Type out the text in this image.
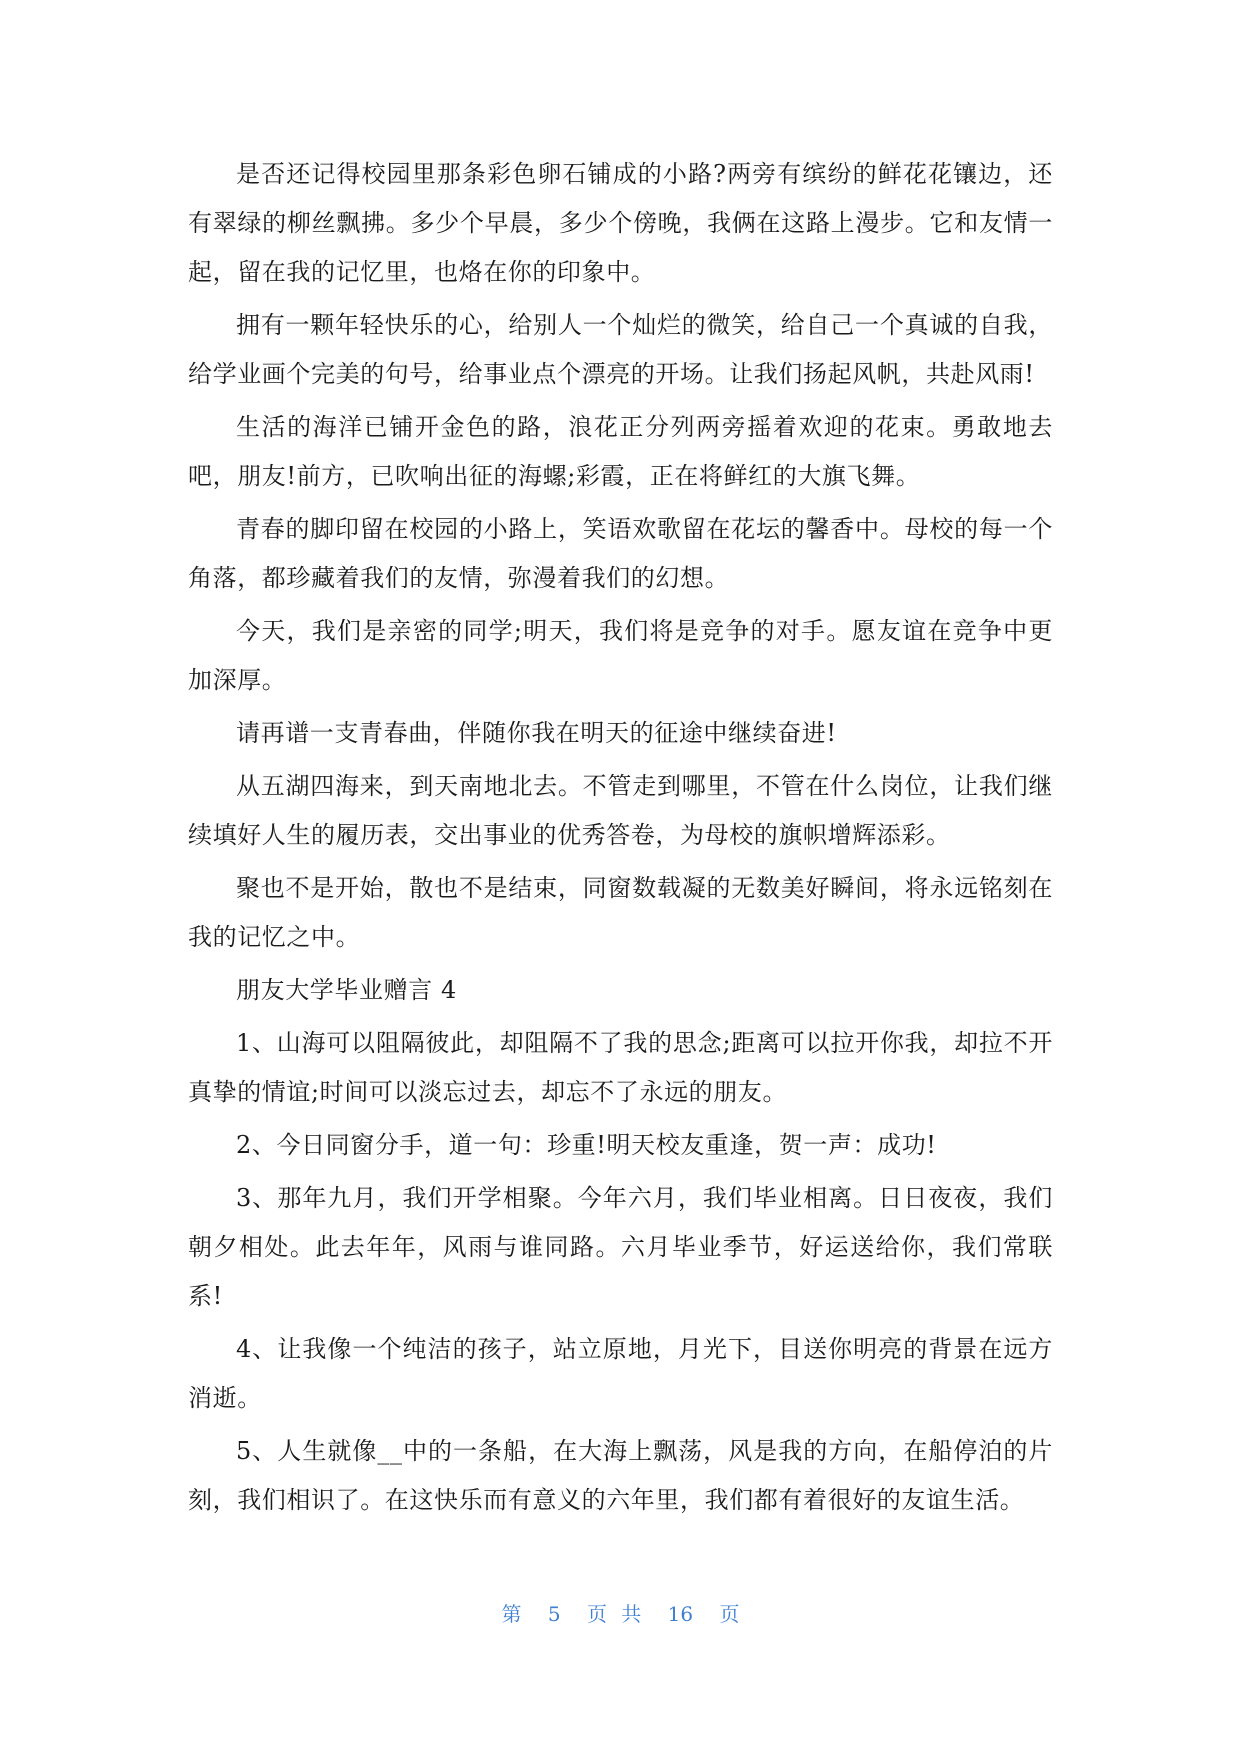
是否还记得校园里那条彩色卵石铺成的小路?两旁有缤纷的鲜花花镶边，还有翠绿的柳丝飘拂。多少个早晨，多少个傍晚，我俩在这路上漫步。它和友情一起，留在我的记忆里，也烙在你的印象中。

拥有一颗年轻快乐的心，给别人一个灿烂的微笑，给自己一个真诚的自我，给学业画个完美的句号，给事业点个漂亮的开场。让我们扬起风帆，共赴风雨!

生活的海洋已铺开金色的路，浪花正分列两旁摇着欢迎的花束。勇敢地去吧，朋友!前方，已吹响出征的海螺;彩霞，正在将鲜红的大旗飞舞。

青春的脚印留在校园的小路上，笑语欢歌留在花坛的馨香中。母校的每一个角落，都珍藏着我们的友情，弥漫着我们的幻想。

今天，我们是亲密的同学;明天，我们将是竞争的对手。愿友谊在竞争中更加深厚。

请再谱一支青春曲，伴随你我在明天的征途中继续奋进!

从五湖四海来，到天南地北去。不管走到哪里，不管在什么岗位，让我们继续填好人生的履历表，交出事业的优秀答卷，为母校的旗帜增辉添彩。

聚也不是开始，散也不是结束，同窗数载凝的无数美好瞬间，将永远铭刻在我的记忆之中。

朋友大学毕业赠言 4

1、山海可以阻隔彼此，却阻隔不了我的思念;距离可以拉开你我，却拉不开真挚的情谊;时间可以淡忘过去，却忘不了永远的朋友。

2、今日同窗分手，道一句：珍重!明天校友重逢，贺一声：成功!

3、那年九月，我们开学相聚。今年六月，我们毕业相离。日日夜夜，我们朝夕相处。此去年年，风雨与谁同路。六月毕业季节，好运送给你，我们常联系!

4、让我像一个纯洁的孩子，站立原地，月光下，目送你明亮的背景在远方消逝。

5、人生就像__中的一条船，在大海上飘荡，风是我的方向，在船停泊的片刻，我们相识了。在这快乐而有意义的六年里，我们都有着很好的友谊生活。

第 5 页 共 16 页
